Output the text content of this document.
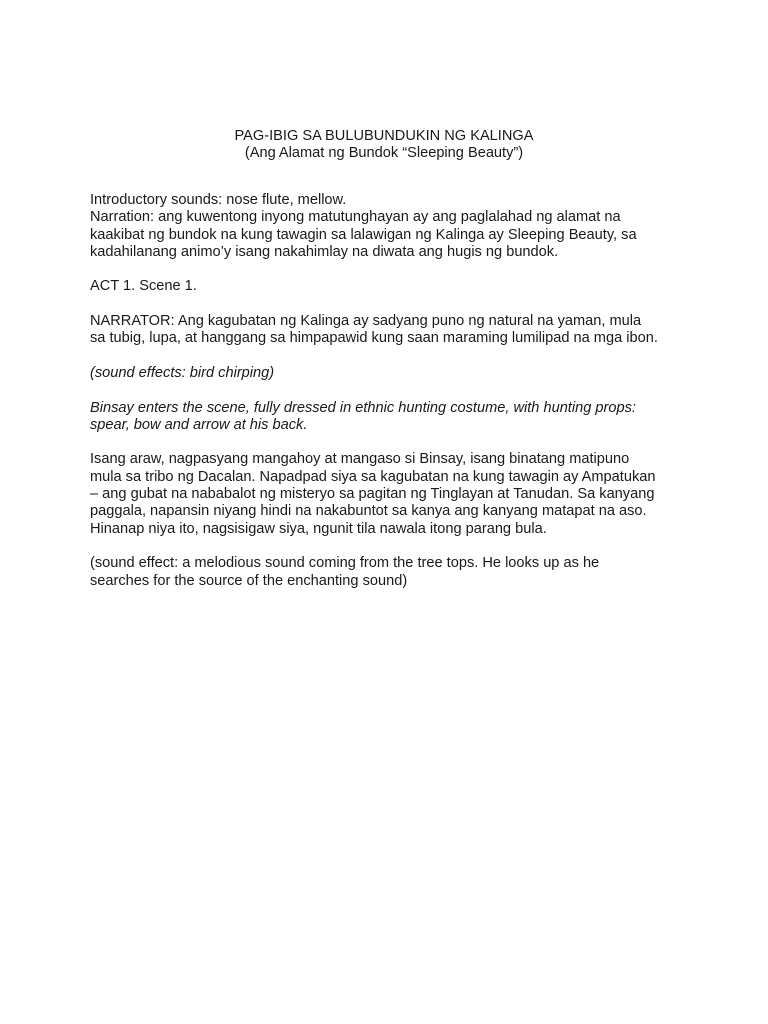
PAG-IBIG SA BULUBUNDUKIN NG KALINGA
(Ang Alamat ng Bundok “Sleeping Beauty”)
Introductory sounds: nose flute, mellow.
Narration: ang kuwentong inyong matutunghayan ay ang paglalahad ng alamat na
kaakibat ng bundok na kung tawagin sa lalawigan ng Kalinga ay Sleeping Beauty, sa
kadahilanang animo’y isang nakahimlay na diwata ang hugis ng bundok.
ACT 1. Scene 1.
NARRATOR: Ang kagubatan ng Kalinga ay sadyang puno ng natural na yaman, mula
sa tubig, lupa, at hanggang sa himpapawid kung saan maraming lumilipad na mga ibon.
(sound effects: bird chirping)
Binsay enters the scene, fully dressed in ethnic hunting costume, with hunting props:
spear, bow and arrow at his back.
Isang araw, nagpasyang mangahoy at mangaso si Binsay, isang binatang matipuno
mula sa tribo ng Dacalan. Napadpad siya sa kagubatan na kung tawagin ay Ampatukan
– ang gubat na nababalot ng misteryo sa pagitan ng Tinglayan at Tanudan. Sa kanyang
paggala, napansin niyang hindi na nakabuntot sa kanya ang kanyang matapat na aso.
Hinanap niya ito, nagsisigaw siya, ngunit tila nawala itong parang bula.
(sound effect: a melodious sound coming from the tree tops. He looks up as he
searches for the source of the enchanting sound)
